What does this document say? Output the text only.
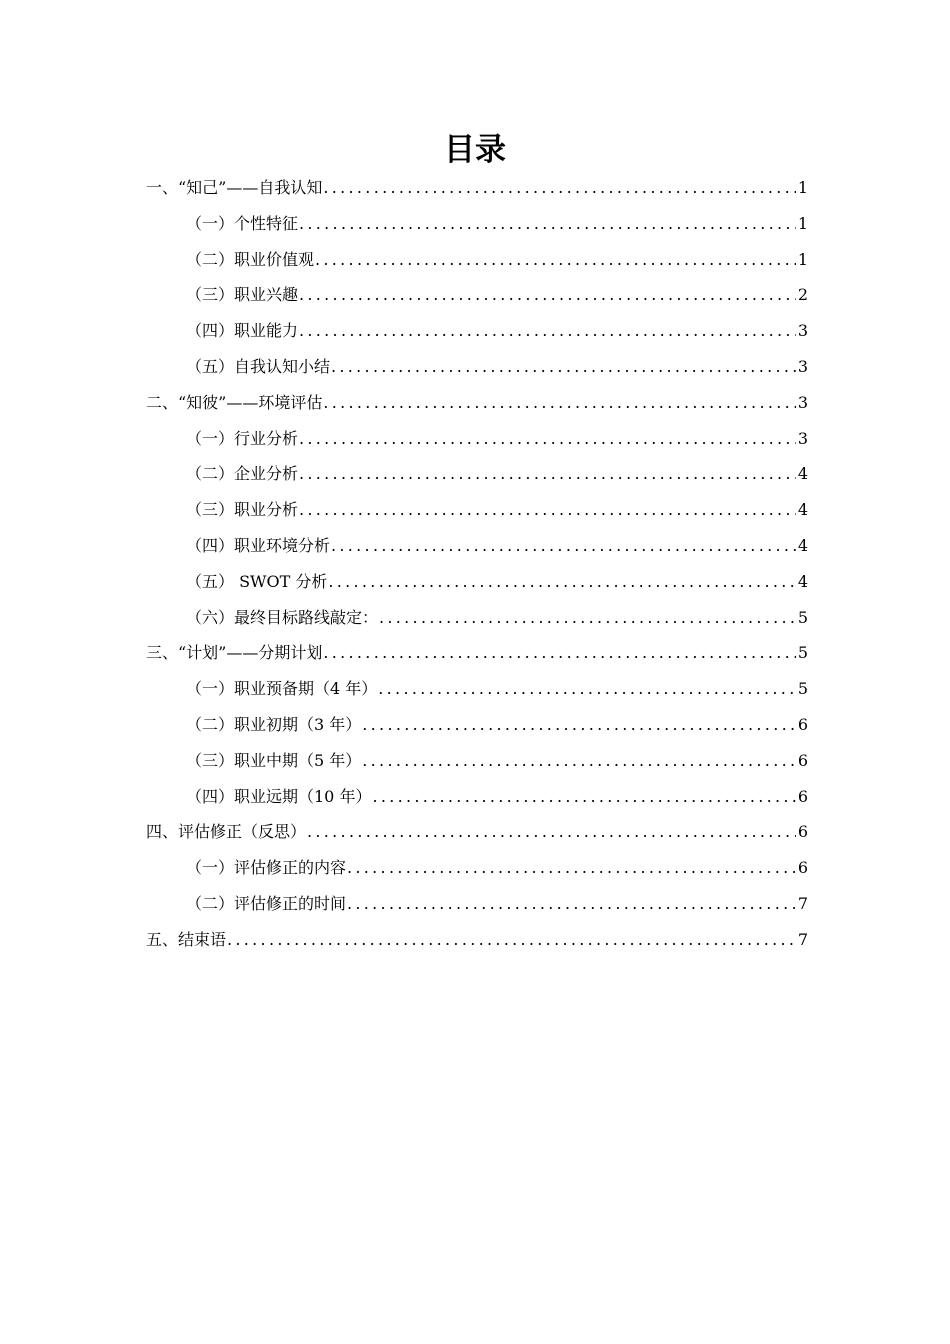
目录
一、“知己”——自我认知 .....	1
（一）个性特征 .....	1
（二）职业价值观 .....	1
（三）职业兴趣 .....	2
（四）职业能力 .....	3
（五）自我认知小结 .....	3
二、“知彼”——环境评估 .....	3
（一）行业分析 .....	3
（二）企业分析 .....	4
（三）职业分析 .....	4
（四）职业环境分析 .....	4
（五） SWOT 分析 .....	4
（六）最终目标路线敲定： .....	5
三、“计划”——分期计划 .....	5
（一）职业预备期（4 年） .....	5
（二）职业初期（3 年） .....	6
（三）职业中期（5 年） .....	6
（四）职业远期（10 年） .....	6
四、评估修正（反思） .....	6
（一）评估修正的内容 .....	6
（二）评估修正的时间 .....	7
五、结束语 .....	7
